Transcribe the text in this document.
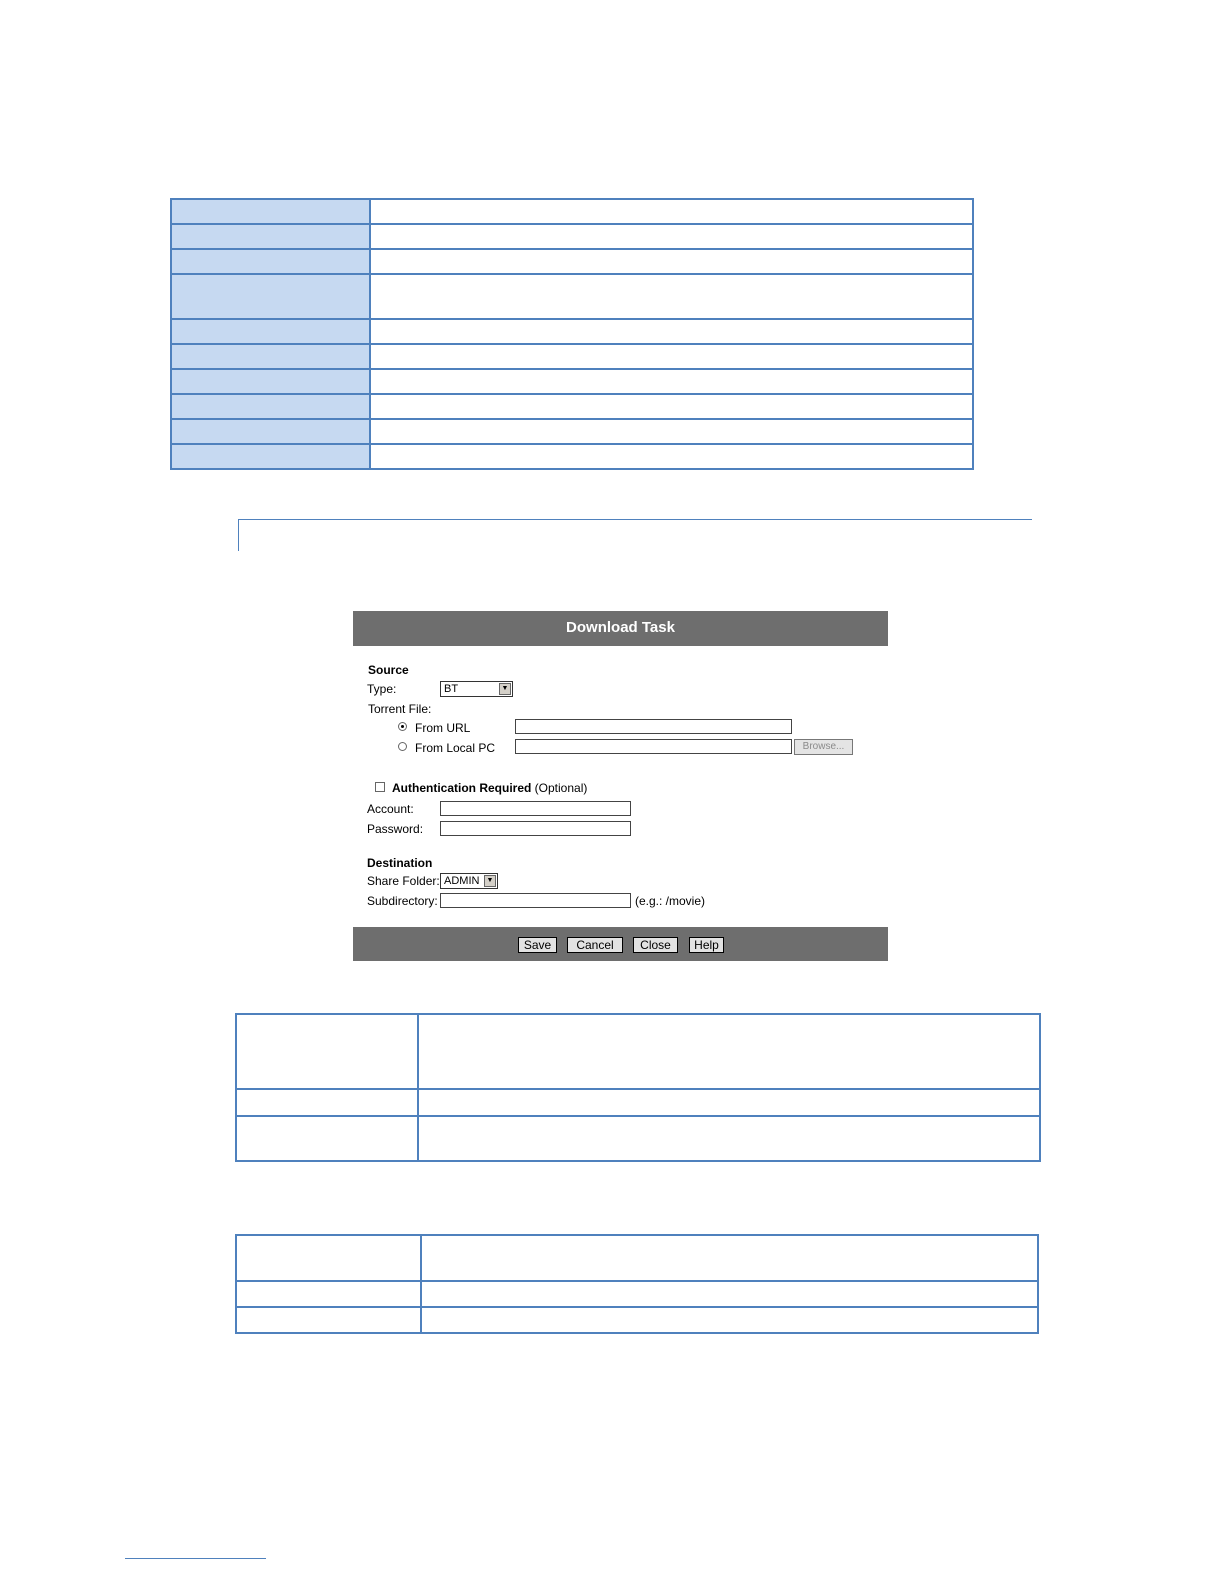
Download Task
Source
Type:	BT	▼
Torrent File:
From URL
From Local PC	Browse...
Authentication Required (Optional)
Account:
Password:
Destination
Share Folder: ADMIN	▼
Subdirectory:	(e.g.: /movie)
Save	Cancel	Close	Help
